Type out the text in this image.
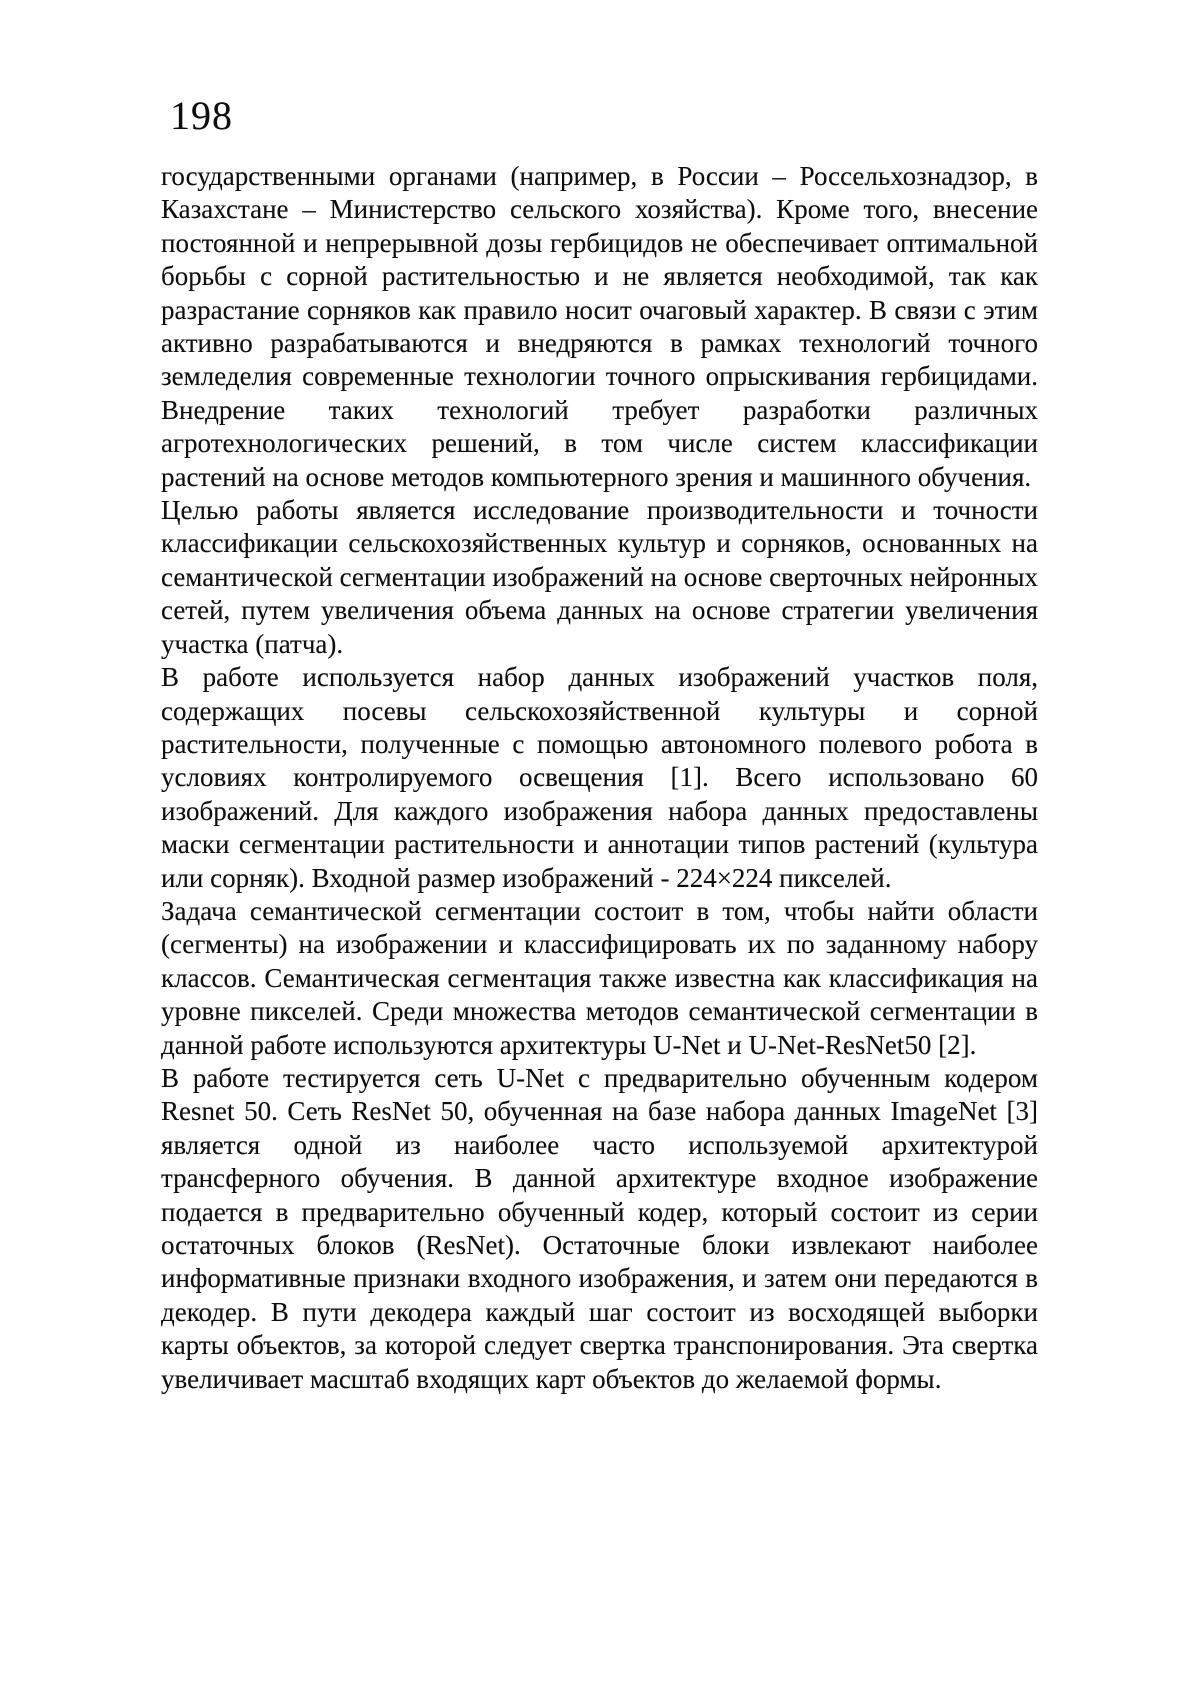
198

государственными органами (например, в России – Россельхознадзор, в Казахстане – Министерство сельского хозяйства). Кроме того, внесение постоянной и непрерывной дозы гербицидов не обеспечивает оптимальной борьбы с сорной растительностью и не является необходимой, так как разрастание сорняков как правило носит очаговый характер. В связи с этим активно разрабатываются и внедряются в рамках технологий точного земледелия современные технологии точного опрыскивания гербицидами. Внедрение таких технологий требует разработки различных агротехнологических решений, в том числе систем классификации растений на основе методов компьютерного зрения и машинного обучения.

Целью работы является исследование производительности и точности классификации сельскохозяйственных культур и сорняков, основанных на семантической сегментации изображений на основе сверточных нейронных сетей, путем увеличения объема данных на основе стратегии увеличения участка (патча).

В работе используется набор данных изображений участков поля, содержащих посевы сельскохозяйственной культуры и сорной растительности, полученные с помощью автономного полевого робота в условиях контролируемого освещения [1]. Всего использовано 60 изображений. Для каждого изображения набора данных предоставлены маски сегментации растительности и аннотации типов растений (культура или сорняк). Входной размер изображений - 224×224 пикселей.

Задача семантической сегментации состоит в том, чтобы найти области (сегменты) на изображении и классифицировать их по заданному набору классов. Семантическая сегментация также известна как классификация на уровне пикселей. Среди множества методов семантической сегментации в данной работе используются архитектуры U-Net и U-Net-ResNet50 [2].

В работе тестируется сеть U-Net с предварительно обученным кодером Resnet 50. Сеть ResNet 50, обученная на базе набора данных ImageNet [3] является одной из наиболее часто используемой архитектурой трансферного обучения. В данной архитектуре входное изображение подается в предварительно обученный кодер, который состоит из серии остаточных блоков (ResNet). Остаточные блоки извлекают наиболее информативные признаки входного изображения, и затем они передаются в декодер. В пути декодера каждый шаг состоит из восходящей выборки карты объектов, за которой следует свертка транспонирования. Эта свертка увеличивает масштаб входящих карт объектов до желаемой формы.
